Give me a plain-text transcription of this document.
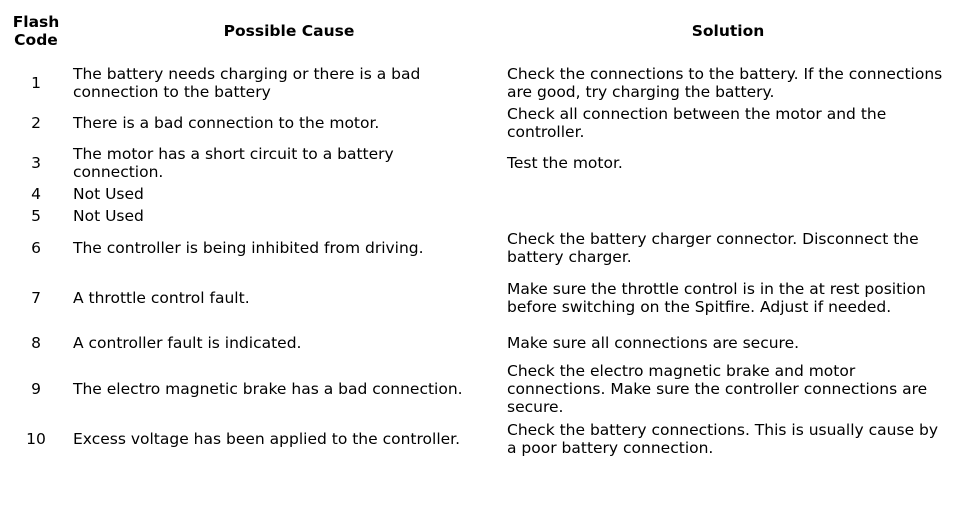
Flash Code	Possible Cause	Solution
1	The battery needs charging or there is a bad connection to the battery	Check the connections to the battery. If the connections are good, try charging the battery.
2	There is a bad connection to the motor.	Check all connection between the motor and the controller.
3	The motor has a short circuit to a battery connection.	Test the motor.
4	Not Used	
5	Not Used	
6	The controller is being inhibited from driving.	Check the battery charger connector. Disconnect the battery charger.
7	A throttle control fault.	Make sure the throttle control is in the at rest position before switching on the Spitfire. Adjust if needed.
8	A controller fault is indicated.	Make sure all connections are secure.
9	The electro magnetic brake has a bad connection.	Check the electro magnetic brake and motor connections. Make sure the controller connections are secure.
10	Excess voltage has been applied to the controller.	Check the battery connections. This is usually cause by a poor battery connection.
